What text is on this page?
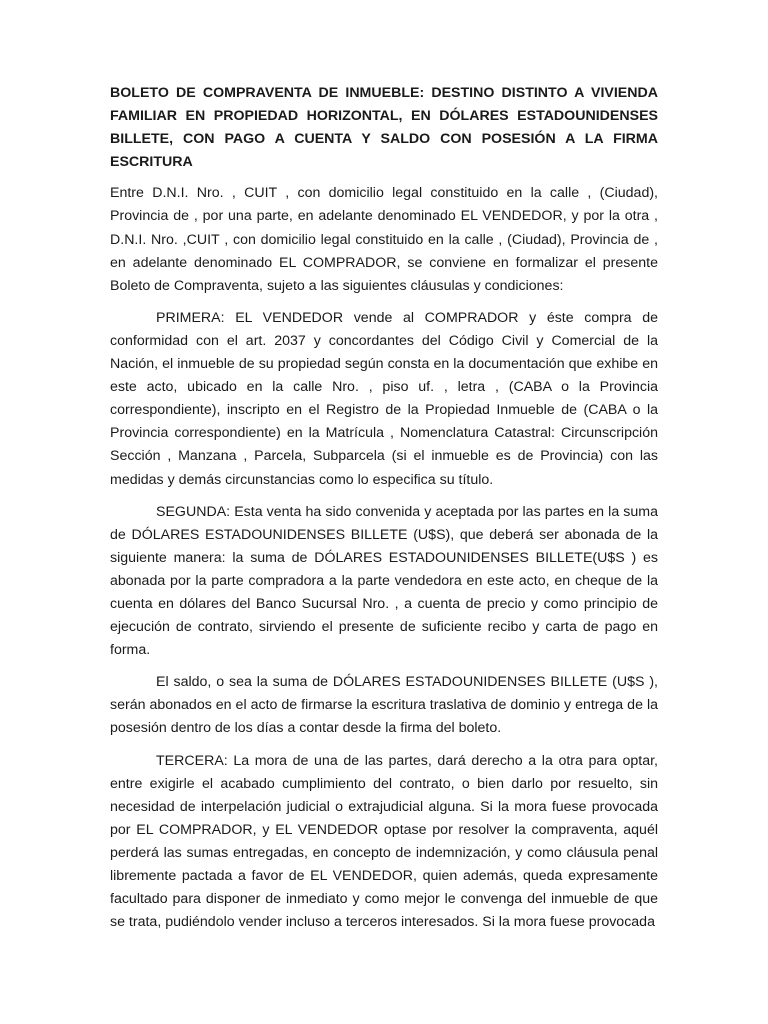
BOLETO DE COMPRAVENTA DE INMUEBLE: DESTINO DISTINTO A VIVIENDA FAMILIAR EN PROPIEDAD HORIZONTAL, EN DÓLARES ESTADOUNIDENSES BILLETE, CON PAGO A CUENTA Y SALDO CON POSESIÓN A LA FIRMA ESCRITURA
Entre D.N.I. Nro. , CUIT , con domicilio legal constituido en la calle , (Ciudad), Provincia de , por una parte, en adelante denominado EL VENDEDOR, y por la otra , D.N.I. Nro. ,CUIT , con domicilio legal constituido en la calle , (Ciudad), Provincia de , en adelante denominado EL COMPRADOR, se conviene en formalizar el presente Boleto de Compraventa, sujeto a las siguientes cláusulas y condiciones:
PRIMERA: EL VENDEDOR vende al COMPRADOR y éste compra de conformidad con el art. 2037 y concordantes del Código Civil y Comercial de la Nación, el inmueble de su propiedad según consta en la documentación que exhibe en este acto, ubicado en la calle Nro. , piso uf. , letra , (CABA o la Provincia correspondiente), inscripto en el Registro de la Propiedad Inmueble de (CABA o la Provincia correspondiente) en la Matrícula , Nomenclatura Catastral: Circunscripción Sección , Manzana , Parcela, Subparcela (si el inmueble es de Provincia) con las medidas y demás circunstancias como lo especifica su título.
SEGUNDA: Esta venta ha sido convenida y aceptada por las partes en la suma de DÓLARES ESTADOUNIDENSES BILLETE (U$S), que deberá ser abonada de la siguiente manera: la suma de DÓLARES ESTADOUNIDENSES BILLETE(U$S ) es abonada por la parte compradora a la parte vendedora en este acto, en cheque de la cuenta en dólares del Banco Sucursal Nro. , a cuenta de precio y como principio de ejecución de contrato, sirviendo el presente de suficiente recibo y carta de pago en forma.
El saldo, o sea la suma de DÓLARES ESTADOUNIDENSES BILLETE (U$S ), serán abonados en el acto de firmarse la escritura traslativa de dominio y entrega de la posesión dentro de los días a contar desde la firma del boleto.
TERCERA: La mora de una de las partes, dará derecho a la otra para optar, entre exigirle el acabado cumplimiento del contrato, o bien darlo por resuelto, sin necesidad de interpelación judicial o extrajudicial alguna. Si la mora fuese provocada por EL COMPRADOR, y EL VENDEDOR optase por resolver la compraventa, aquél perderá las sumas entregadas, en concepto de indemnización, y como cláusula penal libremente pactada a favor de EL VENDEDOR, quien además, queda expresamente facultado para disponer de inmediato y como mejor le convenga del inmueble de que se trata, pudiéndolo vender incluso a terceros interesados. Si la mora fuese provocada
